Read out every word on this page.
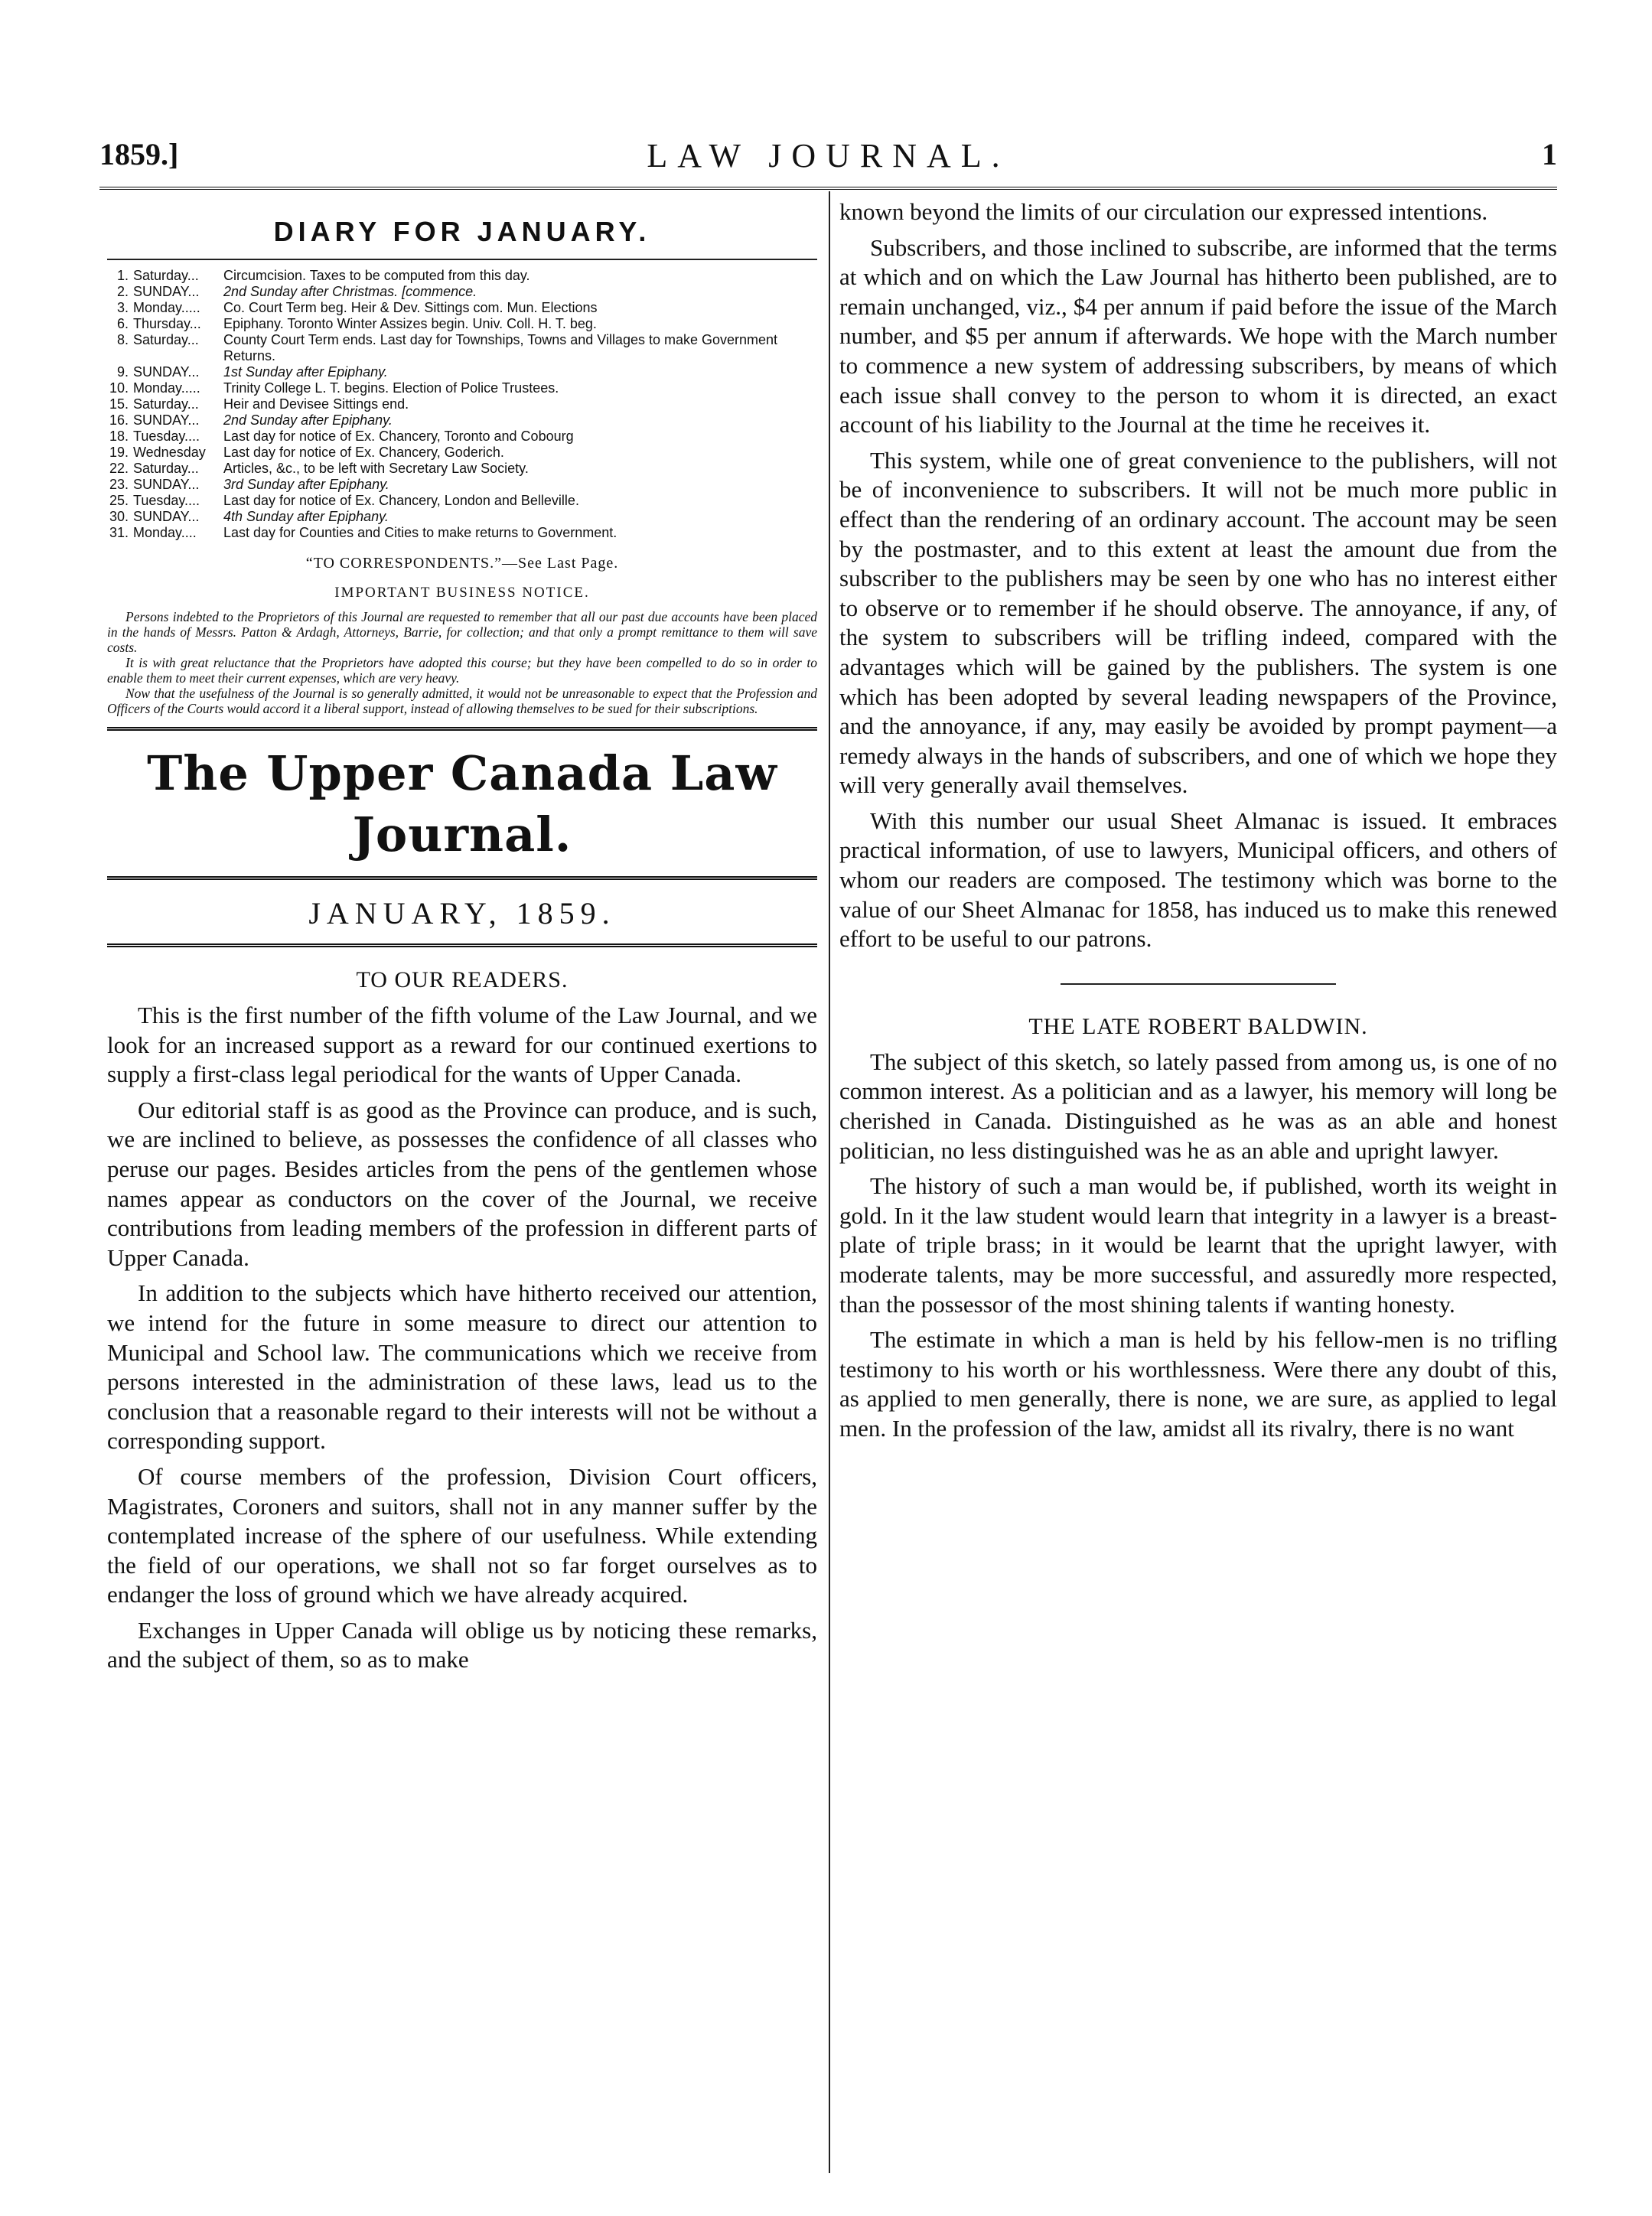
LAW JOURNAL.
1859.]	1
DIARY FOR JANUARY.
1. Saturday...	Circumcision. Taxes to be computed from this day.
2. SUNDAY...	2nd Sunday after Christmas. [commence.
3. Monday.....	Co. Court Term beg. Heir & Dev. Sittings com. Mun. Elections
6. Thursday...	Epiphany. Toronto Winter Assizes begin. Univ. Coll. H. T. beg.
8. Saturday...	County Court Term ends. Last day for Townships, Towns and Villages to make Government Returns.
9. SUNDAY...	1st Sunday after Epiphany.
10. Monday.....	Trinity College L. T. begins. Election of Police Trustees.
15. Saturday...	Heir and Devisee Sittings end.
16. SUNDAY...	2nd Sunday after Epiphany.
18. Tuesday....	Last day for notice of Ex. Chancery, Toronto and Cobourg
19. Wednesday	Last day for notice of Ex. Chancery, Goderich.
22. Saturday...	Articles, &c., to be left with Secretary Law Society.
23. SUNDAY...	3rd Sunday after Epiphany.
25. Tuesday....	Last day for notice of Ex. Chancery, London and Belleville.
30. SUNDAY...	4th Sunday after Epiphany.
31. Monday....	Last day for Counties and Cities to make returns to Government.
“TO CORRESPONDENTS.”—See Last Page.
IMPORTANT BUSINESS NOTICE.

Persons indebted to the Proprietors of this Journal are requested to remember that all our past due accounts have been placed in the hands of Messrs. Patton & Ardagh, Attorneys, Barrie, for collection; and that only a prompt remittance to them will save costs.

It is with great reluctance that the Proprietors have adopted this course; but they have been compelled to do so in order to enable them to meet their current expenses, which are very heavy.

Now that the usefulness of the Journal is so generally admitted, it would not be unreasonable to expect that the Profession and Officers of the Courts would accord it a liberal support, instead of allowing themselves to be sued for their subscriptions.

The Upper Canada Law Journal.
JANUARY, 1859.
TO OUR READERS.

This is the first number of the fifth volume of the Law Journal, and we look for an increased support as a reward for our continued exertions to supply a first-class legal periodical for the wants of Upper Canada.

Our editorial staff is as good as the Province can produce, and is such, we are inclined to believe, as possesses the confidence of all classes who peruse our pages. Besides articles from the pens of the gentlemen whose names appear as conductors on the cover of the Journal, we receive contributions from leading members of the profession in different parts of Upper Canada.

In addition to the subjects which have hitherto received our attention, we intend for the future in some measure to direct our attention to Municipal and School law. The communications which we receive from persons interested in the administration of these laws, lead us to the conclusion that a reasonable regard to their interests will not be without a corresponding support.

Of course members of the profession, Division Court officers, Magistrates, Coroners and suitors, shall not in any manner suffer by the contemplated increase of the sphere of our usefulness. While extending the field of our operations, we shall not so far forget ourselves as to endanger the loss of ground which we have already acquired.

Exchanges in Upper Canada will oblige us by noticing these remarks, and the subject of them, so as to make

known beyond the limits of our circulation our expressed intentions.

Subscribers, and those inclined to subscribe, are informed that the terms at which and on which the Law Journal has hitherto been published, are to remain unchanged, viz., $4 per annum if paid before the issue of the March number, and $5 per annum if afterwards. We hope with the March number to commence a new system of addressing subscribers, by means of which each issue shall convey to the person to whom it is directed, an exact account of his liability to the Journal at the time he receives it.

This system, while one of great convenience to the publishers, will not be of inconvenience to subscribers. It will not be much more public in effect than the rendering of an ordinary account. The account may be seen by the postmaster, and to this extent at least the amount due from the subscriber to the publishers may be seen by one who has no interest either to observe or to remember if he should observe. The annoyance, if any, of the system to subscribers will be trifling indeed, compared with the advantages which will be gained by the publishers. The system is one which has been adopted by several leading newspapers of the Province, and the annoyance, if any, may easily be avoided by prompt payment—a remedy always in the hands of subscribers, and one of which we hope they will very generally avail themselves.

With this number our usual Sheet Almanac is issued. It embraces practical information, of use to lawyers, Municipal officers, and others of whom our readers are composed. The testimony which was borne to the value of our Sheet Almanac for 1858, has induced us to make this renewed effort to be useful to our patrons.

THE LATE ROBERT BALDWIN.

The subject of this sketch, so lately passed from among us, is one of no common interest. As a politician and as a lawyer, his memory will long be cherished in Canada. Distinguished as he was as an able and honest politician, no less distinguished was he as an able and upright lawyer.

The history of such a man would be, if published, worth its weight in gold. In it the law student would learn that integrity in a lawyer is a breast-plate of triple brass; in it would be learnt that the upright lawyer, with moderate talents, may be more successful, and assuredly more respected, than the possessor of the most shining talents if wanting honesty.

The estimate in which a man is held by his fellow-men is no trifling testimony to his worth or his worthlessness. Were there any doubt of this, as applied to men generally, there is none, we are sure, as applied to legal men. In the profession of the law, amidst all its rivalry, there is no want
